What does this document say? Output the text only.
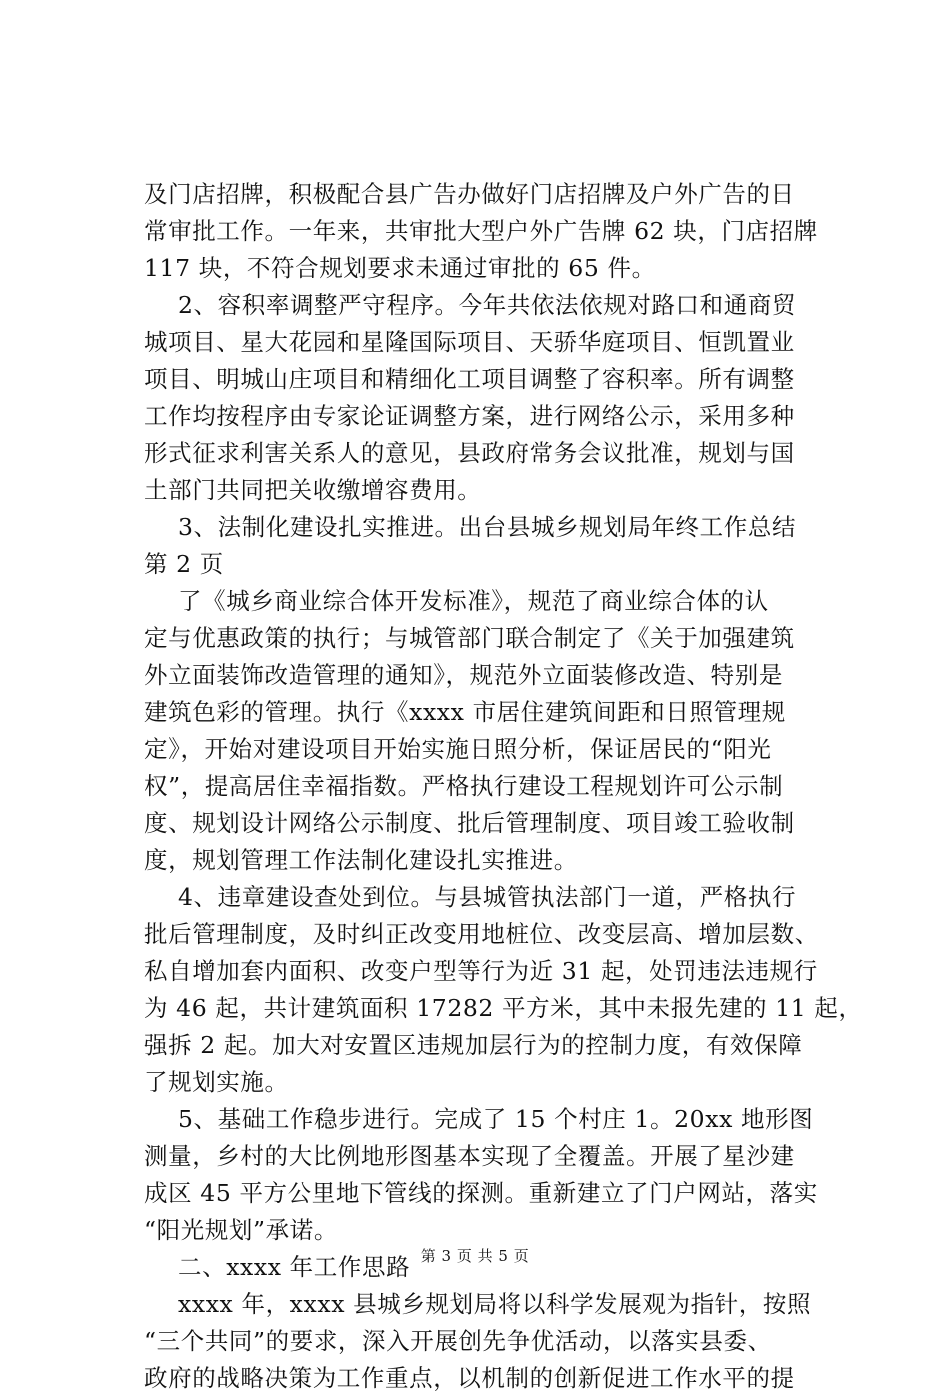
及门店招牌，积极配合县广告办做好门店招牌及户外广告的日
常审批工作。一年来，共审批大型户外广告牌 62 块，门店招牌
117 块，不符合规划要求未通过审批的 65 件。
2、容积率调整严守程序。今年共依法依规对路口和通商贸
城项目、星大花园和星隆国际项目、天骄华庭项目、恒凯置业
项目、明城山庄项目和精细化工项目调整了容积率。所有调整
工作均按程序由专家论证调整方案，进行网络公示，采用多种
形式征求利害关系人的意见，县政府常务会议批准，规划与国
土部门共同把关收缴增容费用。
3、法制化建设扎实推进。出台县城乡规划局年终工作总结
第 2 页
了《城乡商业综合体开发标准》，规范了商业综合体的认
定与优惠政策的执行；与城管部门联合制定了《关于加强建筑
外立面装饰改造管理的通知》，规范外立面装修改造、特别是
建筑色彩的管理。执行《xxxx 市居住建筑间距和日照管理规
定》，开始对建设项目开始实施日照分析，保证居民的“阳光
权”，提高居住幸福指数。严格执行建设工程规划许可公示制
度、规划设计网络公示制度、批后管理制度、项目竣工验收制
度，规划管理工作法制化建设扎实推进。
4、违章建设查处到位。与县城管执法部门一道，严格执行
批后管理制度，及时纠正改变用地桩位、改变层高、增加层数、
私自增加套内面积、改变户型等行为近 31 起，处罚违法违规行
为 46 起，共计建筑面积 17282 平方米，其中未报先建的 11 起，
强拆 2 起。加大对安置区违规加层行为的控制力度，有效保障
了规划实施。
5、基础工作稳步进行。完成了 15 个村庄 1。20xx 地形图
测量，乡村的大比例地形图基本实现了全覆盖。开展了星沙建
成区 45 平方公里地下管线的探测。重新建立了门户网站，落实
“阳光规划”承诺。
二、xxxx 年工作思路
xxxx 年，xxxx 县城乡规划局将以科学发展观为指针，按照
“三个共同”的要求，深入开展创先争优活动，以落实县委、
政府的战略决策为工作重点，以机制的创新促进工作水平的提
第 3 页 共 5 页
